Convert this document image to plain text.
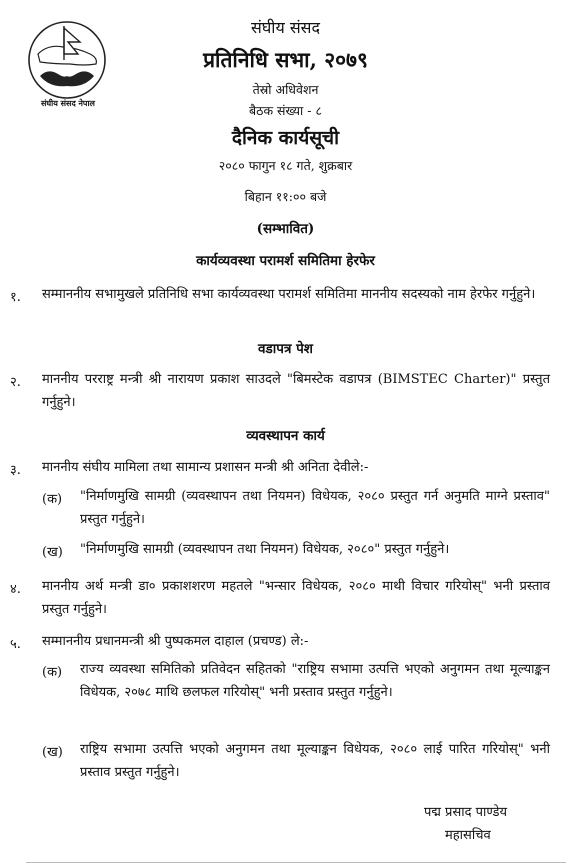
संघीय संसद नेपाल
संघीय संसद
प्रतिनिधि सभा, २०७९
तेस्रो अधिवेशन
बैठक संख्या - ८
दैनिक कार्यसूची
२०८० फागुन १८ गते, शुक्रबार
बिहान ११:०० बजे
(सम्भावित)
कार्यव्यवस्था परामर्श समितिमा हेरफेर
१. सम्माननीय सभामुखले प्रतिनिधि सभा कार्यव्यवस्था परामर्श समितिमा माननीय सदस्यको नाम हेरफेर गर्नुहुने।
वडापत्र पेश
२. माननीय परराष्ट्र मन्त्री श्री नारायण प्रकाश साउदले "बिमस्टेक वडापत्र (BIMSTEC Charter)" प्रस्तुत गर्नुहुने।
व्यवस्थापन कार्य
३. माननीय संघीय मामिला तथा सामान्य प्रशासन मन्त्री श्री अनिता देवीले:-
(क) "निर्माणमुखि सामग्री (व्यवस्थापन तथा नियमन) विधेयक, २०८० प्रस्तुत गर्न अनुमति माग्ने प्रस्ताव" प्रस्तुत गर्नुहुने।
(ख) "निर्माणमुखि सामग्री (व्यवस्थापन तथा नियमन) विधेयक, २०८०" प्रस्तुत गर्नुहुने।
४. माननीय अर्थ मन्त्री डा० प्रकाशशरण महतले "भन्सार विधेयक, २०८० माथी विचार गरियोस्" भनी प्रस्ताव प्रस्तुत गर्नुहुने।
५. सम्माननीय प्रधानमन्त्री श्री पुष्पकमल दाहाल (प्रचण्ड) ले:-
(क) राज्य व्यवस्था समितिको प्रतिवेदन सहितको "राष्ट्रिय सभामा उत्पत्ति भएको अनुगमन तथा मूल्याङ्कन विधेयक, २०७८ माथि छलफल गरियोस्" भनी प्रस्ताव प्रस्तुत गर्नुहुने।
(ख) राष्ट्रिय सभामा उत्पत्ति भएको अनुगमन तथा मूल्याङ्कन विधेयक, २०८० लाई पारित गरियोस्" भनी प्रस्ताव प्रस्तुत गर्नुहुने।
पद्म प्रसाद पाण्डेय
महासचिव
